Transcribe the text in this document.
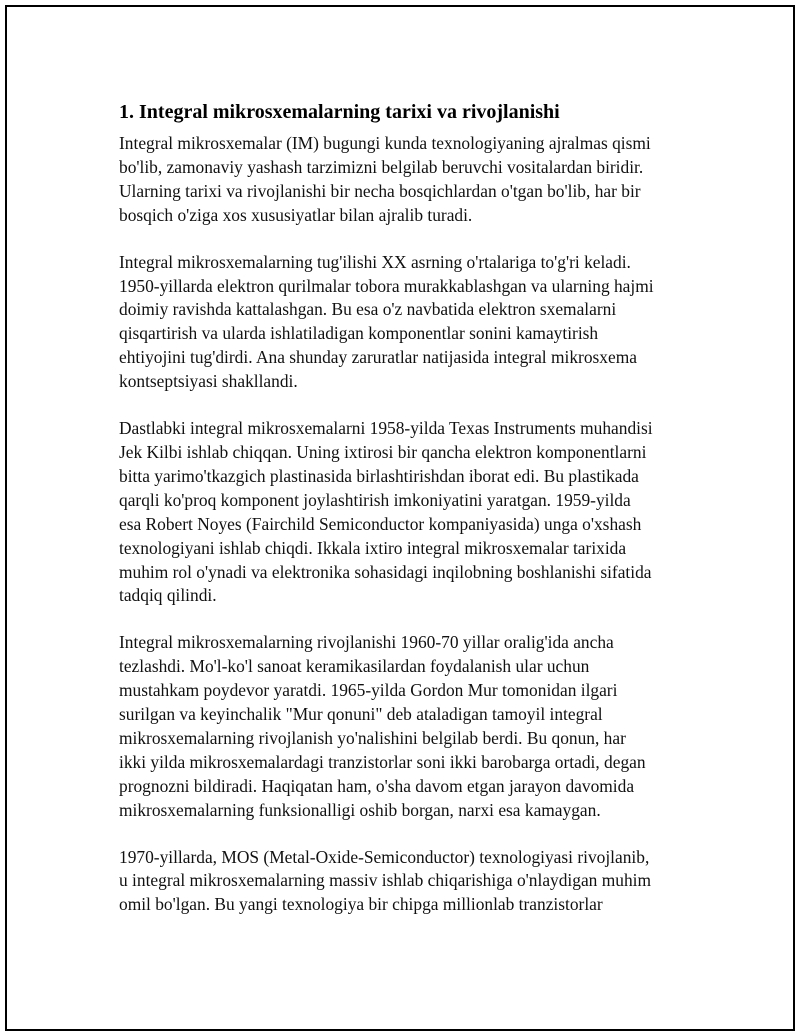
1. Integral mikrosxemalarning tarixi va rivojlanishi

Integral mikrosxemalar (IM) bugungi kunda texnologiyaning ajralmas qismi
bo'lib, zamonaviy yashash tarzimizni belgilab beruvchi vositalardan biridir.
Ularning tarixi va rivojlanishi bir necha bosqichlardan o'tgan bo'lib, har bir
bosqich o'ziga xos xususiyatlar bilan ajralib turadi.

Integral mikrosxemalarning tug'ilishi XX asrning o'rtalariga to'g'ri keladi.
1950-yillarda elektron qurilmalar tobora murakkablashgan va ularning hajmi
doimiy ravishda kattalashgan. Bu esa o'z navbatida elektron sxemalarni
qisqartirish va ularda ishlatiladigan komponentlar sonini kamaytirish
ehtiyojini tug'dirdi. Ana shunday zaruratlar natijasida integral mikrosxema
kontseptsiyasi shakllandi.

Dastlabki integral mikrosxemalarni 1958-yilda Texas Instruments muhandisi
Jek Kilbi ishlab chiqqan. Uning ixtirosi bir qancha elektron komponentlarni
bitta yarimo'tkazgich plastinasida birlashtirishdan iborat edi. Bu plastikada
qarqli ko'proq komponent joylashtirish imkoniyatini yaratgan. 1959-yilda
esa Robert Noyes (Fairchild Semiconductor kompaniyasida) unga o'xshash
texnologiyani ishlab chiqdi. Ikkala ixtiro integral mikrosxemalar tarixida
muhim rol o'ynadi va elektronika sohasidagi inqilobning boshlanishi sifatida
tadqiq qilindi.

Integral mikrosxemalarning rivojlanishi 1960-70 yillar oralig'ida ancha
tezlashdi. Mo'l-ko'l sanoat keramikasilardan foydalanish ular uchun
mustahkam poydevor yaratdi. 1965-yilda Gordon Mur tomonidan ilgari
surilgan va keyinchalik "Mur qonuni" deb ataladigan tamoyil integral
mikrosxemalarning rivojlanish yo'nalishini belgilab berdi. Bu qonun, har
ikki yilda mikrosxemalardagi tranzistorlar soni ikki barobarga ortadi, degan
prognozni bildiradi. Haqiqatan ham, o'sha davom etgan jarayon davomida
mikrosxemalarning funksionalligi oshib borgan, narxi esa kamaygan.

1970-yillarda, MOS (Metal-Oxide-Semiconductor) texnologiyasi rivojlanib,
u integral mikrosxemalarning massiv ishlab chiqarishiga o'nlaydigan muhim
omil bo'lgan. Bu yangi texnologiya bir chipga millionlab tranzistorlar
